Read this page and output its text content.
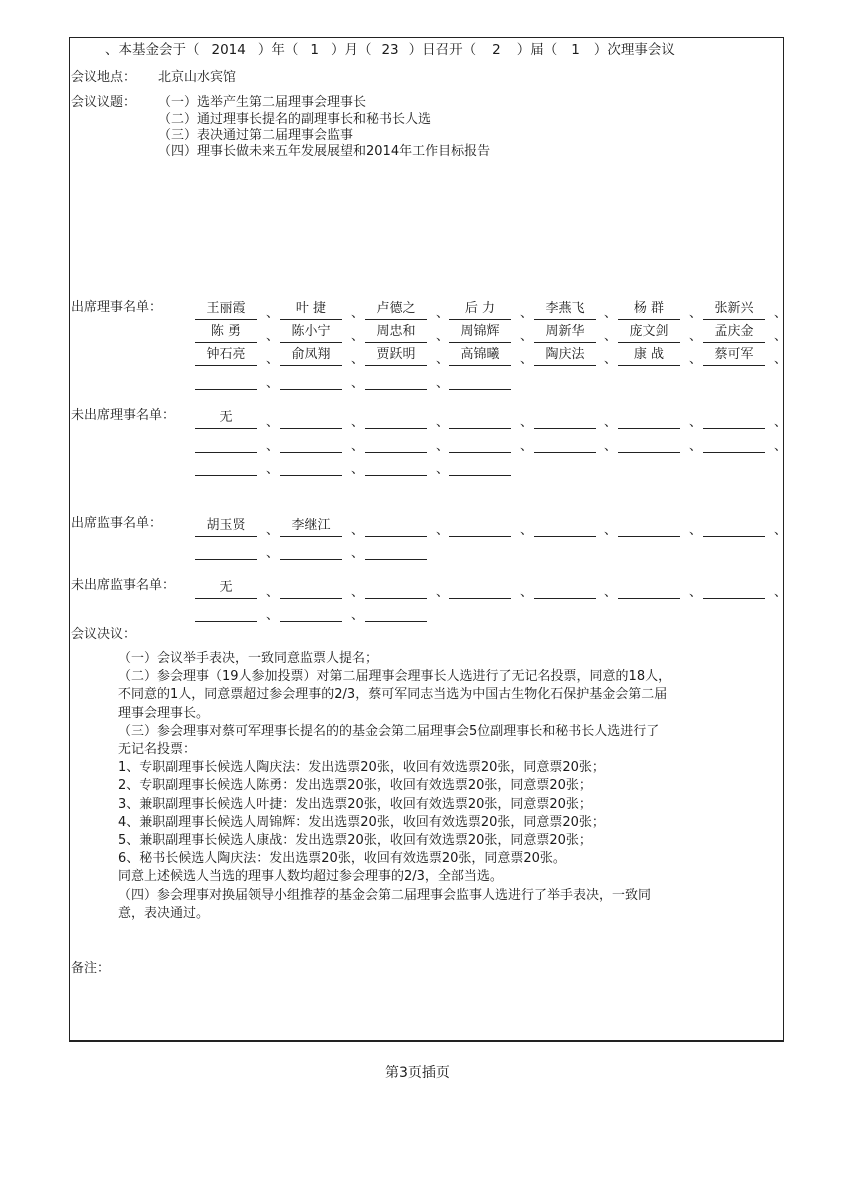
、本基金会于（ 2014 ）年（ 1 ）月（ 23 ）日召开（ 2 ）届（ 1 ）次理事会议
会议地点： 北京山水宾馆
会议议题： （一）选举产生第二届理事会理事长
（二）通过理事长提名的副理事长和秘书长人选
（三）表决通过第二届理事会监事
（四）理事长做未来五年发展展望和2014年工作目标报告
出席理事名单：	王丽霞	、	叶 捷	、 卢德之	、	后 力	、 李燕飞	、	杨 群	、 张新兴	、
陈 勇	、 陈小宁	、 周忠和	、 周锦辉	、 周新华	、 庞文剑	、 孟庆金	、
钟石亮	、 俞凤翔	、 贾跃明	、 高锦曦	、 陶庆法	、	康 战	、 蔡可军	、
、	、	、
未出席理事名单：	无	、	、	、	、	、	、	、
、	、	、	、	、	、	、
、	、	、
出席监事名单：	胡玉贤	、 李继江	、	、	、	、	、	、
、	、
未出席监事名单：	无	、	、	、	、	、	、	、
、	、
会议决议：
（一）会议举手表决，一致同意监票人提名；
（二）参会理事（19人参加投票）对第二届理事会理事长人选进行了无记名投票，同意的18人，
不同意的1人，同意票超过参会理事的2/3，蔡可军同志当选为中国古生物化石保护基金会第二届
理事会理事长。
（三）参会理事对蔡可军理事长提名的的基金会第二届理事会5位副理事长和秘书长人选进行了
无记名投票：
1、专职副理事长候选人陶庆法：发出选票20张，收回有效选票20张，同意票20张；
2、专职副理事长候选人陈勇：发出选票20张，收回有效选票20张，同意票20张；
3、兼职副理事长候选人叶捷：发出选票20张，收回有效选票20张，同意票20张；
4、兼职副理事长候选人周锦辉：发出选票20张，收回有效选票20张，同意票20张；
5、兼职副理事长候选人康战：发出选票20张，收回有效选票20张，同意票20张；
6、秘书长候选人陶庆法：发出选票20张，收回有效选票20张，同意票20张。
同意上述候选人当选的理事人数均超过参会理事的2/3，全部当选。
（四）参会理事对换届领导小组推荐的基金会第二届理事会监事人选进行了举手表决，一致同
意，表决通过。
备注：
第3页插页
